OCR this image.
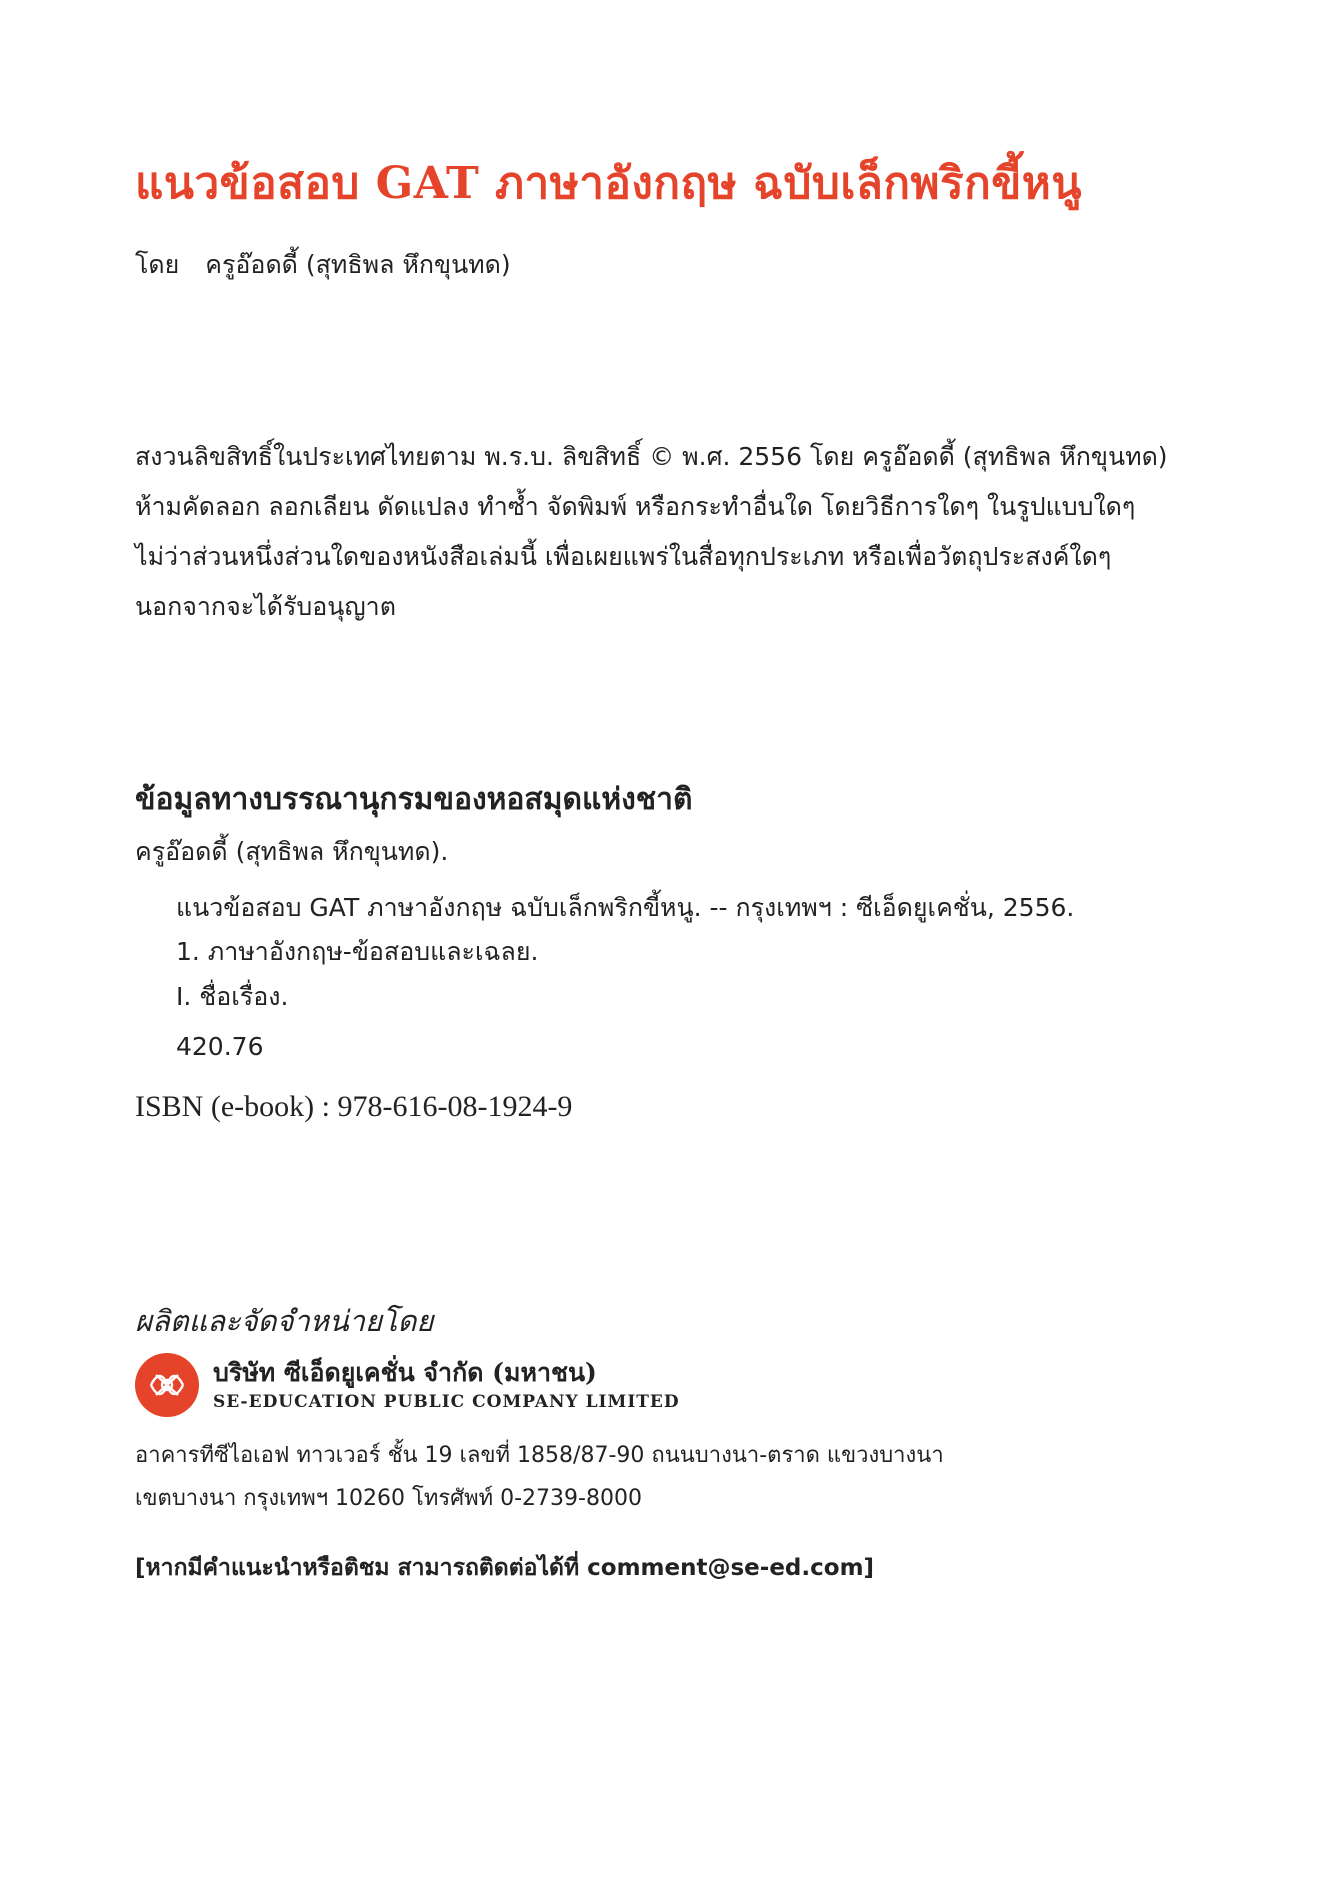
แนวข้อสอบ GAT ภาษาอังกฤษ ฉบับเล็กพริกขี้หนู
โดย ครูอ๊อดดี้ (สุทธิพล หึกขุนทด)

สงวนลิขสิทธิ์ในประเทศไทยตาม พ.ร.บ. ลิขสิทธิ์ © พ.ศ. 2556 โดย ครูอ๊อดดี้ (สุทธิพล หึกขุนทด)

ห้ามคัดลอก ลอกเลียน ดัดแปลง ทำซ้ำ จัดพิมพ์ หรือกระทำอื่นใด โดยวิธีการใดๆ ในรูปแบบใดๆ

ไม่ว่าส่วนหนึ่งส่วนใดของหนังสือเล่มนี้ เพื่อเผยแพร่ในสื่อทุกประเภท หรือเพื่อวัตถุประสงค์ใดๆ

นอกจากจะได้รับอนุญาต

ข้อมูลทางบรรณานุกรมของหอสมุดแห่งชาติ
ครูอ๊อดดี้ (สุทธิพล หึกขุนทด).
แนวข้อสอบ GAT ภาษาอังกฤษ ฉบับเล็กพริกขี้หนู. -- กรุงเทพฯ : ซีเอ็ดยูเคชั่น, 2556.
1. ภาษาอังกฤษ-ข้อสอบและเฉลย.
I. ชื่อเรื่อง.
420.76
ISBN (e-book) : 978-616-08-1924-9
ผลิตและจัดจำหน่ายโดย
บริษัท ซีเอ็ดยูเคชั่น จำกัด (มหาชน)
SE-EDUCATION PUBLIC COMPANY LIMITED

อาคารทีซีไอเอฟ ทาวเวอร์ ชั้น 19 เลขที่ 1858/87-90 ถนนบางนา-ตราด แขวงบางนา

เขตบางนา กรุงเทพฯ 10260 โทรศัพท์ 0-2739-8000

[หากมีคำแนะนำหรือติชม สามารถติดต่อได้ที่ comment@se-ed.com]
